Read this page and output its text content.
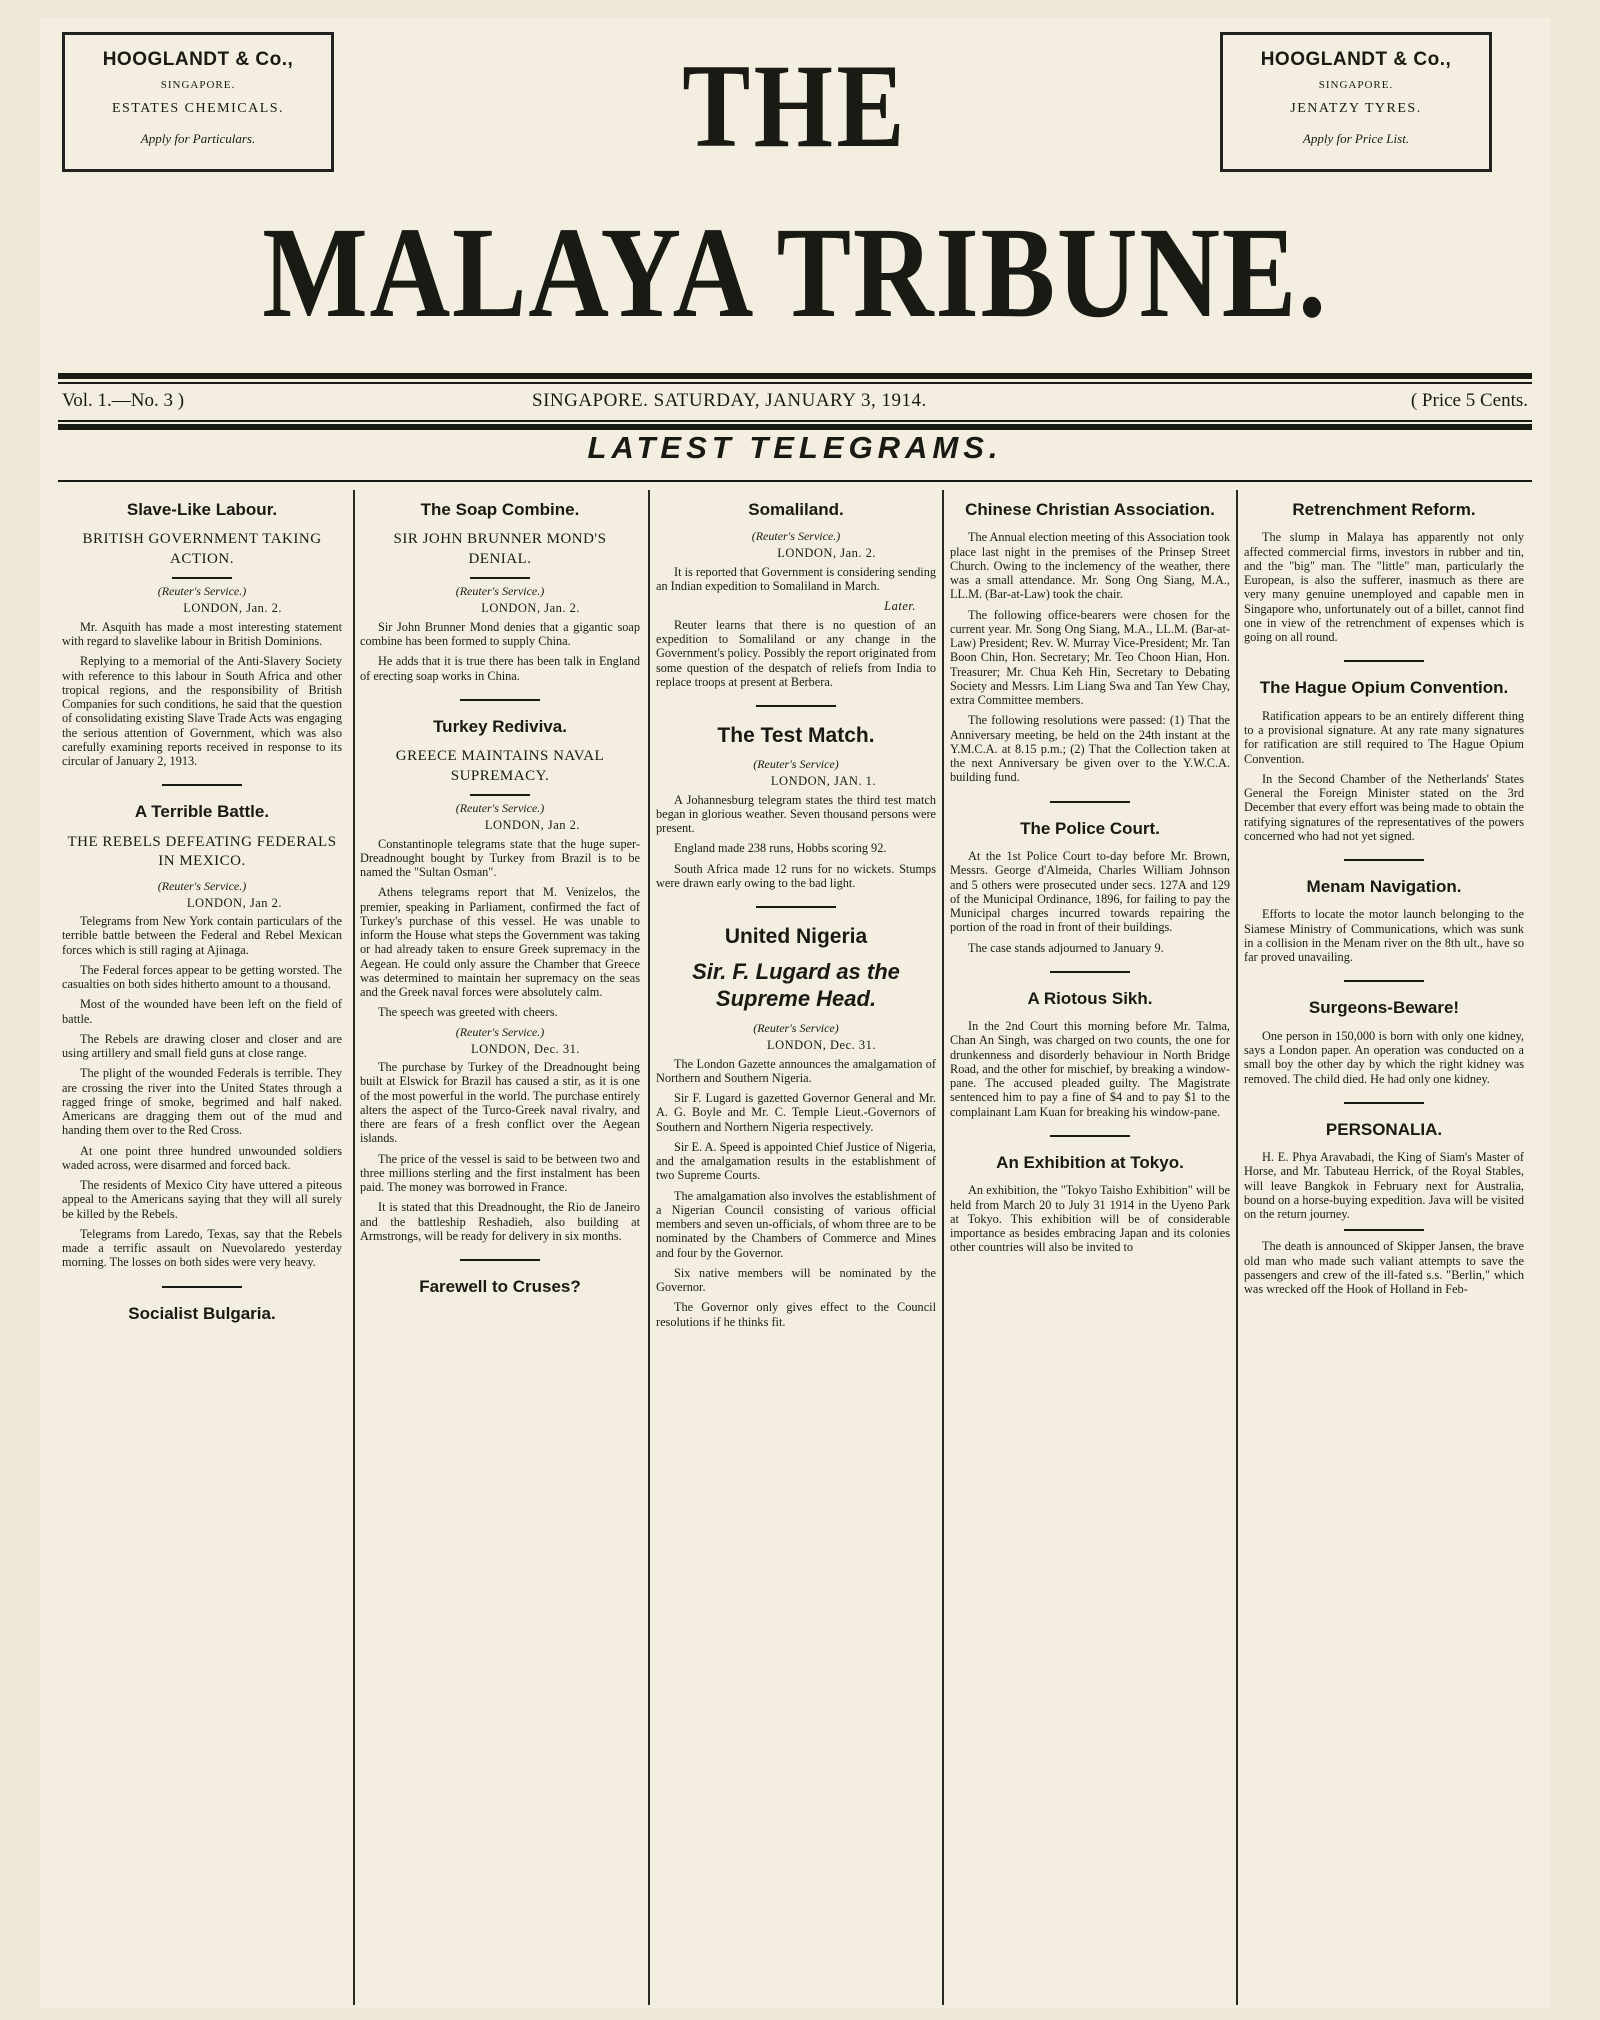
HOOGLANDT & Co.,
SINGAPORE.
ESTATES CHEMICALS.
Apply for Particulars.
HOOGLANDT & Co.,
SINGAPORE.
JENATZY TYRES.
Apply for Price List.
THE
MALAYA TRIBUNE.
Vol. 1.—No. 3 )	SINGAPORE. SATURDAY, JANUARY 3, 1914.	( Price 5 Cents.
LATEST TELEGRAMS.
Slave-Like Labour.
BRITISH GOVERNMENT TAKING ACTION.
(Reuter's Service.)
LONDON, Jan. 2.

Mr. Asquith has made a most interesting statement with regard to slavelike labour in British Dominions.

Replying to a memorial of the Anti-Slavery Society with reference to this labour in South Africa and other tropical regions, and the responsibility of British Companies for such conditions, he said that the question of consolidating existing Slave Trade Acts was engaging the serious attention of Government, which was also carefully examining reports received in response to its circular of January 2, 1913.

A Terrible Battle.
THE REBELS DEFEATING FEDERALS IN MEXICO.
(Reuter's Service.)
LONDON, Jan 2.

Telegrams from New York contain particulars of the terrible battle between the Federal and Rebel Mexican forces which is still raging at Ajinaga.

The Federal forces appear to be getting worsted. The casualties on both sides hitherto amount to a thousand.

Most of the wounded have been left on the field of battle.

The Rebels are drawing closer and closer and are using artillery and small field guns at close range.

The plight of the wounded Federals is terrible. They are crossing the river into the United States through a ragged fringe of smoke, begrimed and half naked. Americans are dragging them out of the mud and handing them over to the Red Cross.

At one point three hundred unwounded soldiers waded across, were disarmed and forced back.

The residents of Mexico City have uttered a piteous appeal to the Americans saying that they will all surely be killed by the Rebels.

Telegrams from Laredo, Texas, say that the Rebels made a terrific assault on Nuevolaredo yesterday morning. The losses on both sides were very heavy.

Socialist Bulgaria.
The Soap Combine.
SIR JOHN BRUNNER MOND'S DENIAL.
(Reuter's Service.)
LONDON, Jan. 2.

Sir John Brunner Mond denies that a gigantic soap combine has been formed to supply China.

He adds that it is true there has been talk in England of erecting soap works in China.

Turkey Rediviva.
GREECE MAINTAINS NAVAL SUPREMACY.
(Reuter's Service.)
LONDON, Jan 2.

Constantinople telegrams state that the huge super-Dreadnought bought by Turkey from Brazil is to be named the "Sultan Osman".

Athens telegrams report that M. Venizelos, the premier, speaking in Parliament, confirmed the fact of Turkey's purchase of this vessel. He was unable to inform the House what steps the Government was taking or had already taken to ensure Greek supremacy in the Aegean. He could only assure the Chamber that Greece was determined to maintain her supremacy on the seas and the Greek naval forces were absolutely calm.

The speech was greeted with cheers.

(Reuter's Service.)
LONDON, Dec. 31.

The purchase by Turkey of the Dreadnought being built at Elswick for Brazil has caused a stir, as it is one of the most powerful in the world. The purchase entirely alters the aspect of the Turco-Greek naval rivalry, and there are fears of a fresh conflict over the Aegean islands.

The price of the vessel is said to be between two and three millions sterling and the first instalment has been paid. The money was borrowed in France.

It is stated that this Dreadnought, the Rio de Janeiro and the battleship Reshadieh, also building at Armstrongs, will be ready for delivery in six months.

Farewell to Cruses?
Somaliland.
(Reuter's Service.)
LONDON, Jan. 2.

It is reported that Government is considering sending an Indian expedition to Somaliland in March.

Later.

Reuter learns that there is no question of an expedition to Somaliland or any change in the Government's policy. Possibly the report originated from some question of the despatch of reliefs from India to replace troops at present at Berbera.

The Test Match.
(Reuter's Service)
LONDON, JAN. 1.

A Johannesburg telegram states the third test match began in glorious weather. Seven thousand persons were present.

England made 238 runs, Hobbs scoring 92.

South Africa made 12 runs for no wickets. Stumps were drawn early owing to the bad light.

United Nigeria
Sir. F. Lugard as the Supreme Head.
(Reuter's Service)
LONDON, Dec. 31.

The London Gazette announces the amalgamation of Northern and Southern Nigeria.

Sir F. Lugard is gazetted Governor General and Mr. A. G. Boyle and Mr. C. Temple Lieut.-Governors of Southern and Northern Nigeria respectively.

Sir E. A. Speed is appointed Chief Justice of Nigeria, and the amalgamation results in the establishment of two Supreme Courts.

The amalgamation also involves the establishment of a Nigerian Council consisting of various official members and seven un-officials, of whom three are to be nominated by the Chambers of Commerce and Mines and four by the Governor.

Six native members will be nominated by the Governor.

The Governor only gives effect to the Council resolutions if he thinks fit.

Chinese Christian Association.

The Annual election meeting of this Association took place last night in the premises of the Prinsep Street Church. Owing to the inclemency of the weather, there was a small attendance. Mr. Song Ong Siang, M.A., LL.M. (Bar-at-Law) took the chair.

The following office-bearers were chosen for the current year. Mr. Song Ong Siang, M.A., LL.M. (Bar-at-Law) President; Rev. W. Murray Vice-President; Mr. Tan Boon Chin, Hon. Secretary; Mr. Teo Choon Hian, Hon. Treasurer; Mr. Chua Keh Hin, Secretary to Debating Society and Messrs. Lim Liang Swa and Tan Yew Chay, extra Committee members.

The following resolutions were passed: (1) That the Anniversary meeting, be held on the 24th instant at the Y.M.C.A. at 8.15 p.m.; (2) That the Collection taken at the next Anniversary be given over to the Y.W.C.A. building fund.

The Police Court.

At the 1st Police Court to-day before Mr. Brown, Messrs. George d'Almeida, Charles William Johnson and 5 others were prosecuted under secs. 127A and 129 of the Municipal Ordinance, 1896, for failing to pay the Municipal charges incurred towards repairing the portion of the road in front of their buildings.

The case stands adjourned to January 9.

A Riotous Sikh.

In the 2nd Court this morning before Mr. Talma, Chan An Singh, was charged on two counts, the one for drunkenness and disorderly behaviour in North Bridge Road, and the other for mischief, by breaking a window-pane. The accused pleaded guilty. The Magistrate sentenced him to pay a fine of $4 and to pay $1 to the complainant Lam Kuan for breaking his window-pane.

An Exhibition at Tokyo.

An exhibition, the "Tokyo Taisho Exhibition" will be held from March 20 to July 31 1914 in the Uyeno Park at Tokyo. This exhibition will be of considerable importance as besides embracing Japan and its colonies other countries will also be invited to

Retrenchment Reform.

The slump in Malaya has apparently not only affected commercial firms, investors in rubber and tin, and the "big" man. The "little" man, particularly the European, is also the sufferer, inasmuch as there are very many genuine unemployed and capable men in Singapore who, unfortunately out of a billet, cannot find one in view of the retrenchment of expenses which is going on all round.

The Hague Opium Convention.

Ratification appears to be an entirely different thing to a provisional signature. At any rate many signatures for ratification are still required to The Hague Opium Convention.

In the Second Chamber of the Netherlands' States General the Foreign Minister stated on the 3rd December that every effort was being made to obtain the ratifying signatures of the representatives of the powers concerned who had not yet signed.

Menam Navigation.

Efforts to locate the motor launch belonging to the Siamese Ministry of Communications, which was sunk in a collision in the Menam river on the 8th ult., have so far proved unavailing.

Surgeons-Beware!

One person in 150,000 is born with only one kidney, says a London paper. An operation was conducted on a small boy the other day by which the right kidney was removed. The child died. He had only one kidney.

PERSONALIA.

H. E. Phya Aravabadi, the King of Siam's Master of Horse, and Mr. Tabuteau Herrick, of the Royal Stables, will leave Bangkok in February next for Australia, bound on a horse-buying expedition. Java will be visited on the return journey.

The death is announced of Skipper Jansen, the brave old man who made such valiant attempts to save the passengers and crew of the ill-fated s.s. "Berlin," which was wrecked off the Hook of Holland in Feb-
